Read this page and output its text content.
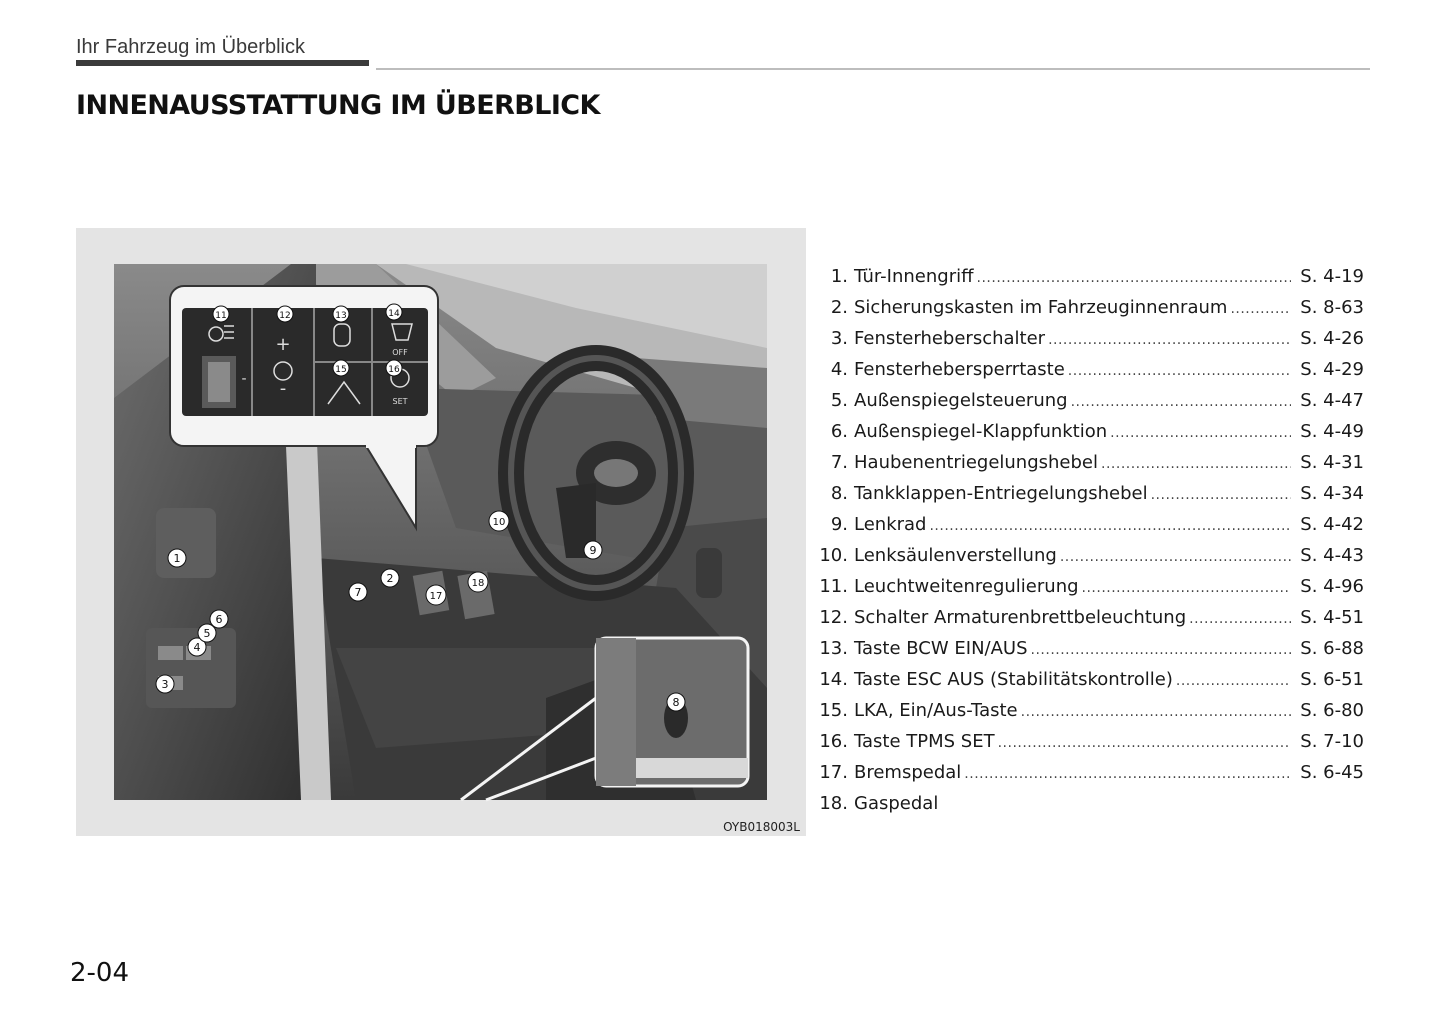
Ihr Fahrzeug im Überblick
INNENAUSSTATTUNG IM ÜBERBLICK
-
+
-
OFF
SET
11	12	13	14
15	16
1
2
3
4
5
6
7
8
9
10
17
18
OYB018003L
1. Tür-Innengriff .....	S. 4-19
2. Sicherungskasten im Fahrzeuginnenraum .....	S. 8-63
3. Fensterheberschalter .....	S. 4-26
4. Fensterhebersperrtaste .....	S. 4-29
5. Außenspiegelsteuerung .....	S. 4-47
6. Außenspiegel-Klappfunktion .....	S. 4-49
7. Haubenentriegelungshebel .....	S. 4-31
8. Tankklappen-Entriegelungshebel .....	S. 4-34
9. Lenkrad .....	S. 4-42
10. Lenksäulenverstellung .....	S. 4-43
11. Leuchtweitenregulierung .....	S. 4-96
12. Schalter Armaturenbrettbeleuchtung .....	S. 4-51
13. Taste BCW EIN/AUS .....	S. 6-88
14. Taste ESC AUS (Stabilitätskontrolle) .....	S. 6-51
15. LKA, Ein/Aus-Taste .....	S. 6-80
16. Taste TPMS SET .....	S. 7-10
17. Bremspedal .....	S. 6-45
18. Gaspedal
2-04
